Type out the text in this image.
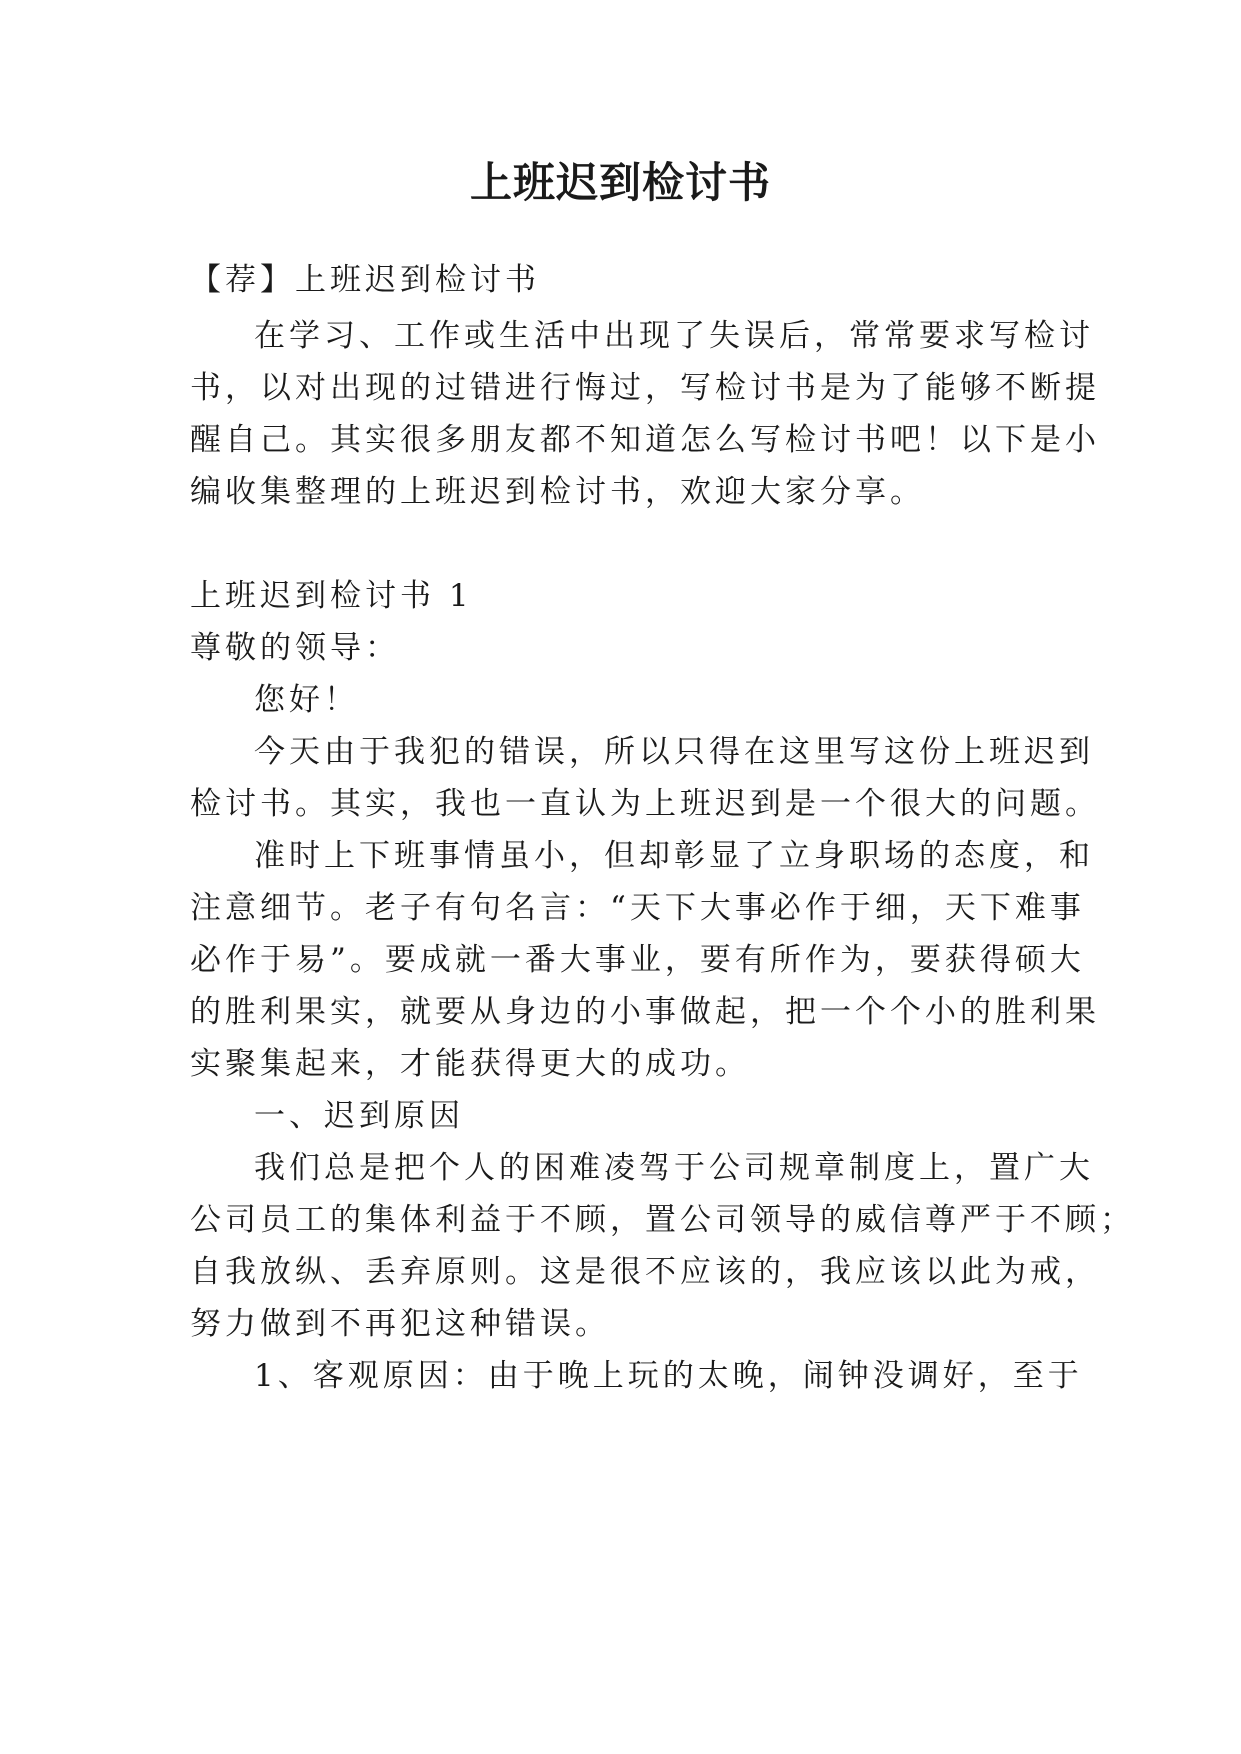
上班迟到检讨书
【荐】上班迟到检讨书
在学习、工作或生活中出现了失误后，常常要求写检讨
书，以对出现的过错进行悔过，写检讨书是为了能够不断提
醒自己。其实很多朋友都不知道怎么写检讨书吧！以下是小
编收集整理的上班迟到检讨书，欢迎大家分享。
上班迟到检讨书 1
尊敬的领导：
您好！
今天由于我犯的错误，所以只得在这里写这份上班迟到
检讨书。其实，我也一直认为上班迟到是一个很大的问题。
准时上下班事情虽小，但却彰显了立身职场的态度，和
注意细节。老子有句名言：“天下大事必作于细，天下难事
必作于易”。要成就一番大事业，要有所作为，要获得硕大
的胜利果实，就要从身边的小事做起，把一个个小的胜利果
实聚集起来，才能获得更大的成功。
一、迟到原因
我们总是把个人的困难凌驾于公司规章制度上，置广大
公司员工的集体利益于不顾，置公司领导的威信尊严于不顾；
自我放纵、丢弃原则。这是很不应该的，我应该以此为戒，
努力做到不再犯这种错误。
1、客观原因：由于晚上玩的太晚，闹钟没调好，至于
